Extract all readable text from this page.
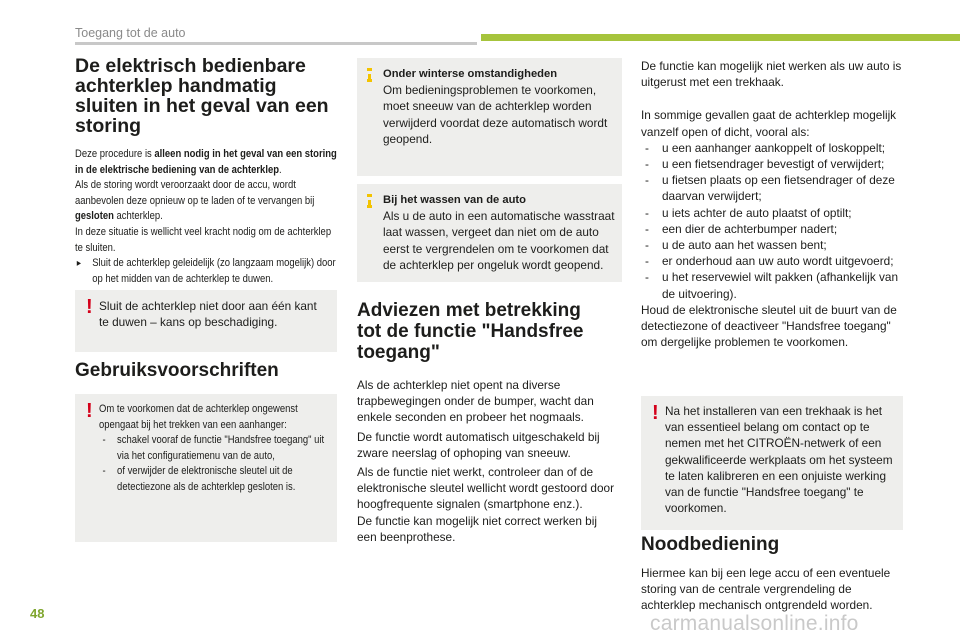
Toegang tot de auto
De elektrisch bedienbare achterklep handmatig sluiten in het geval van een storing

Deze procedure is alleen nodig in het geval van een storing in de elektrische bediening van de achterklep.

Als de storing wordt veroorzaakt door de accu, wordt aanbevolen deze opnieuw op te laden of te vervangen bij gesloten achterklep.

In deze situatie is wellicht veel kracht nodig om de achterklep te sluiten.

▸ Sluit de achterklep geleidelijk (zo langzaam mogelijk) door op het midden van de achterklep te duwen.
! Sluit de achterklep niet door aan één kant te duwen – kans op beschadiging.
Gebruiksvoorschriften
! Om te voorkomen dat de achterklep ongewenst opengaat bij het trekken van een aanhanger:

- schakel vooraf de functie "Handsfree toegang" uit via het configuratiemenu van de auto,
- of verwijder de elektronische sleutel uit de detectiezone als de achterklep gesloten is.

Onder winterse omstandigheden

Om bedieningsproblemen te voorkomen, moet sneeuw van de achterklep worden verwijderd voordat deze automatisch wordt geopend.

Bij het wassen van de auto

Als u de auto in een automatische wasstraat laat wassen, vergeet dan niet om de auto eerst te vergrendelen om te voorkomen dat de achterklep per ongeluk wordt geopend.

Adviezen met betrekking tot de functie "Handsfree toegang"

Als de achterklep niet opent na diverse trapbewegingen onder de bumper, wacht dan enkele seconden en probeer het nogmaals.

De functie wordt automatisch uitgeschakeld bij zware neerslag of ophoping van sneeuw.

Als de functie niet werkt, controleer dan of de elektronische sleutel wellicht wordt gestoord door hoogfrequente signalen (smartphone enz.).

De functie kan mogelijk niet correct werken bij een beenprothese.

De functie kan mogelijk niet werken als uw auto is uitgerust met een trekhaak.

In sommige gevallen gaat de achterklep mogelijk vanzelf open of dicht, vooral als:

- u een aanhanger aankoppelt of loskoppelt;
- u een fietsendrager bevestigt of verwijdert;
- u fietsen plaats op een fietsendrager of deze daarvan verwijdert;
- u iets achter de auto plaatst of optilt;
- een dier de achterbumper nadert;
- u de auto aan het wassen bent;
- er onderhoud aan uw auto wordt uitgevoerd;
- u het reservewiel wilt pakken (afhankelijk van de uitvoering).

Houd de elektronische sleutel uit de buurt van de detectiezone of deactiveer "Handsfree toegang" om dergelijke problemen te voorkomen.

! Na het installeren van een trekhaak is het van essentieel belang om contact op te nemen met het CITROËN-netwerk of een gekwalificeerde werkplaats om het systeem te laten kalibreren en een onjuiste werking van de functie "Handsfree toegang" te voorkomen.
Noodbediening
Hiermee kan bij een lege accu of een eventuele storing van de centrale vergrendeling de achterklep mechanisch ontgrendeld worden.
48	carmanualsonline.info
